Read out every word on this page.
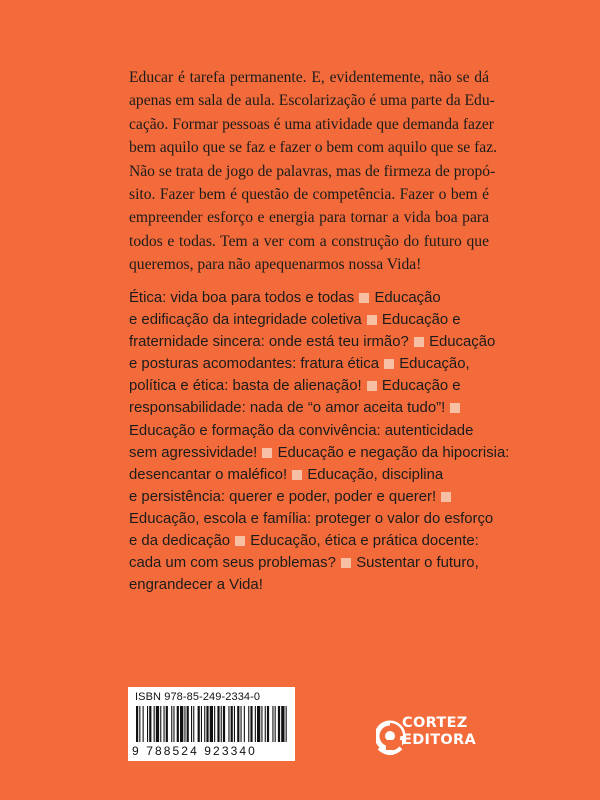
Educar é tarefa permanente. E, evidentemente, não se dá
apenas em sala de aula. Escolarização é uma parte da Edu-
cação. Formar pessoas é uma atividade que demanda fazer
bem aquilo que se faz e fazer o bem com aquilo que se faz.
Não se trata de jogo de palavras, mas de firmeza de propó-
sito. Fazer bem é questão de competência. Fazer o bem é
empreender esforço e energia para tornar a vida boa para
todos e todas. Tem a ver com a construção do futuro que
queremos, para não apequenarmos nossa Vida!
Ética: vida boa para todos e todas  Educação
e edificação da integridade coletiva  Educação e
fraternidade sincera: onde está teu irmão?  Educação
e posturas acomodantes: fratura ética  Educação,
política e ética: basta de alienação!  Educação e
responsabilidade: nada de “o amor aceita tudo”!
Educação e formação da convivência: autenticidade
sem agressividade!  Educação e negação da hipocrisia:
desencantar o maléfico!  Educação, disciplina
e persistência: querer e poder, poder e querer!
Educação, escola e família: proteger o valor do esforço
e da dedicação  Educação, ética e prática docente:
cada um com seus problemas?  Sustentar o futuro,
engrandecer a Vida!
ISBN 978-85-249-2334-0
9 788524 923340
CORTEZ
EDITORA
